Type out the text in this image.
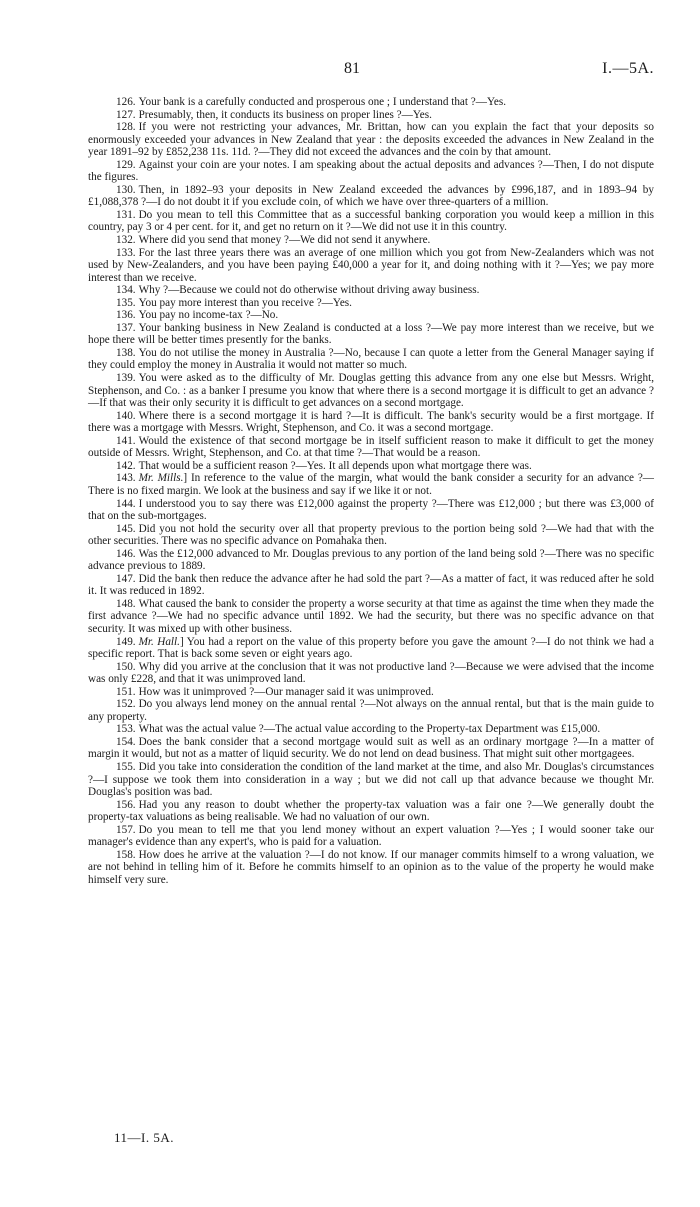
81	I.—5A.

126. Your bank is a carefully conducted and prosperous one ; I understand that ?—Yes.

127. Presumably, then, it conducts its business on proper lines ?—Yes.

128. If you were not restricting your advances, Mr. Brittan, how can you explain the fact that your deposits so enormously exceeded your advances in New Zealand that year : the deposits exceeded the advances in New Zealand in the year 1891–92 by £852,238 11s. 11d. ?—They did not exceed the advances and the coin by that amount.

129. Against your coin are your notes. I am speaking about the actual deposits and advances ?—Then, I do not dispute the figures.

130. Then, in 1892–93 your deposits in New Zealand exceeded the advances by £996,187, and in 1893–94 by £1,088,378 ?—I do not doubt it if you exclude coin, of which we have over three-quarters of a million.

131. Do you mean to tell this Committee that as a successful banking corporation you would keep a million in this country, pay 3 or 4 per cent. for it, and get no return on it ?—We did not use it in this country.

132. Where did you send that money ?—We did not send it anywhere.

133. For the last three years there was an average of one million which you got from New-Zealanders which was not used by New-Zealanders, and you have been paying £40,000 a year for it, and doing nothing with it ?—Yes; we pay more interest than we receive.

134. Why ?—Because we could not do otherwise without driving away business.

135. You pay more interest than you receive ?—Yes.

136. You pay no income-tax ?—No.

137. Your banking business in New Zealand is conducted at a loss ?—We pay more interest than we receive, but we hope there will be better times presently for the banks.

138. You do not utilise the money in Australia ?—No, because I can quote a letter from the General Manager saying if they could employ the money in Australia it would not matter so much.

139. You were asked as to the difficulty of Mr. Douglas getting this advance from any one else but Messrs. Wright, Stephenson, and Co. : as a banker I presume you know that where there is a second mortgage it is difficult to get an advance ?—If that was their only security it is difficult to get advances on a second mortgage.

140. Where there is a second mortgage it is hard ?—It is difficult. The bank's security would be a first mortgage. If there was a mortgage with Messrs. Wright, Stephenson, and Co. it was a second mortgage.

141. Would the existence of that second mortgage be in itself sufficient reason to make it difficult to get the money outside of Messrs. Wright, Stephenson, and Co. at that time ?—That would be a reason.

142. That would be a sufficient reason ?—Yes. It all depends upon what mortgage there was.

143. Mr. Mills.] In reference to the value of the margin, what would the bank consider a security for an advance ?—There is no fixed margin. We look at the business and say if we like it or not.

144. I understood you to say there was £12,000 against the property ?—There was £12,000 ; but there was £3,000 of that on the sub-mortgages.

145. Did you not hold the security over all that property previous to the portion being sold ?—We had that with the other securities. There was no specific advance on Pomahaka then.

146. Was the £12,000 advanced to Mr. Douglas previous to any portion of the land being sold ?—There was no specific advance previous to 1889.

147. Did the bank then reduce the advance after he had sold the part ?—As a matter of fact, it was reduced after he sold it. It was reduced in 1892.

148. What caused the bank to consider the property a worse security at that time as against the time when they made the first advance ?—We had no specific advance until 1892. We had the security, but there was no specific advance on that security. It was mixed up with other business.

149. Mr. Hall.] You had a report on the value of this property before you gave the amount ?—I do not think we had a specific report. That is back some seven or eight years ago.

150. Why did you arrive at the conclusion that it was not productive land ?—Because we were advised that the income was only £228, and that it was unimproved land.

151. How was it unimproved ?—Our manager said it was unimproved.

152. Do you always lend money on the annual rental ?—Not always on the annual rental, but that is the main guide to any property.

153. What was the actual value ?—The actual value according to the Property-tax Department was £15,000.

154. Does the bank consider that a second mortgage would suit as well as an ordinary mortgage ?—In a matter of margin it would, but not as a matter of liquid security. We do not lend on dead business. That might suit other mortgagees.

155. Did you take into consideration the condition of the land market at the time, and also Mr. Douglas's circumstances ?—I suppose we took them into consideration in a way ; but we did not call up that advance because we thought Mr. Douglas's position was bad.

156. Had you any reason to doubt whether the property-tax valuation was a fair one ?—We generally doubt the property-tax valuations as being realisable. We had no valuation of our own.

157. Do you mean to tell me that you lend money without an expert valuation ?—Yes ; I would sooner take our manager's evidence than any expert's, who is paid for a valuation.

158. How does he arrive at the valuation ?—I do not know. If our manager commits himself to a wrong valuation, we are not behind in telling him of it. Before he commits himself to an opinion as to the value of the property he would make himself very sure.

11—I. 5A.
